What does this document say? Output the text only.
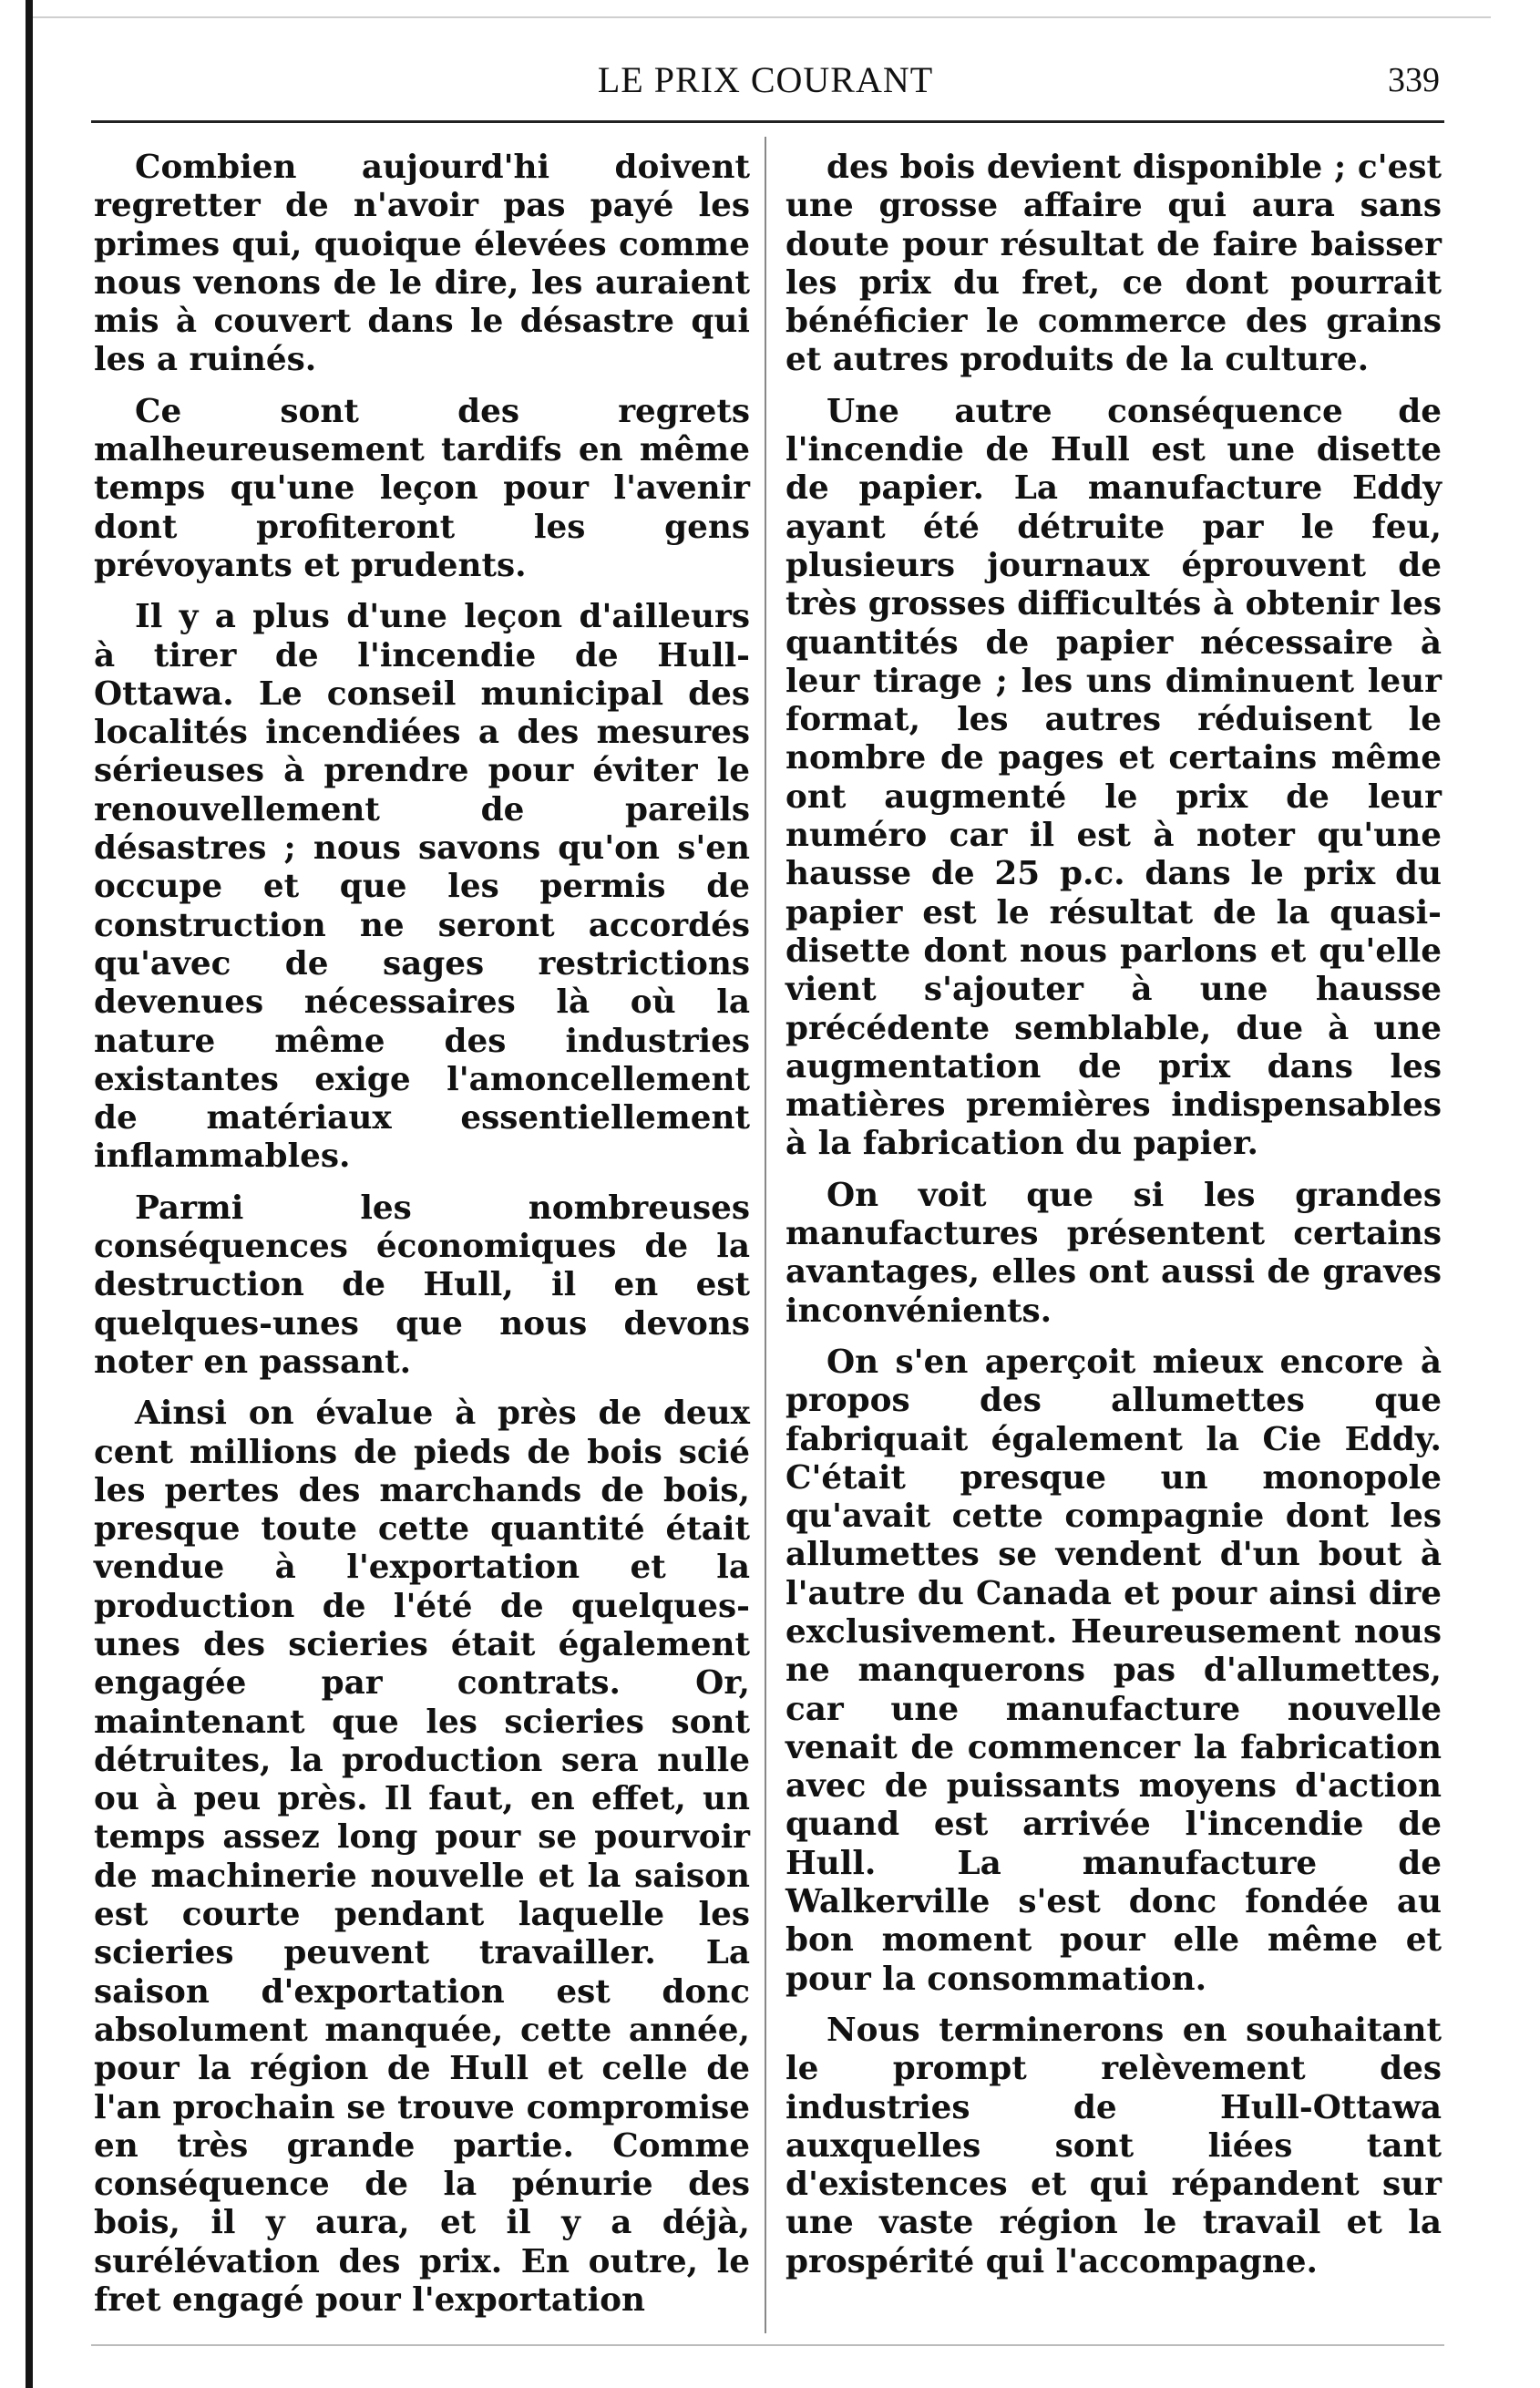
LE PRIX COURANT	339

Combien aujourd'hi doivent regretter de n'avoir pas payé les primes qui, quoique élevées comme nous venons de le dire, les auraient mis à couvert dans le désastre qui les a ruinés.

Ce sont des regrets malheureusement tardifs en même temps qu'une leçon pour l'avenir dont profiteront les gens prévoyants et prudents.

Il y a plus d'une leçon d'ailleurs à tirer de l'incendie de Hull-Ottawa. Le conseil municipal des localités incendiées a des mesures sérieuses à prendre pour éviter le renouvellement de pareils désastres ; nous savons qu'on s'en occupe et que les permis de construction ne seront accordés qu'avec de sages restrictions devenues nécessaires là où la nature même des industries existantes exige l'amoncellement de matériaux essentiellement inflammables.

Parmi les nombreuses conséquences économiques de la destruction de Hull, il en est quelques-unes que nous devons noter en passant.

Ainsi on évalue à près de deux cent millions de pieds de bois scié les pertes des marchands de bois, presque toute cette quantité était vendue à l'exportation et la production de l'été de quelques-unes des scieries était également engagée par contrats. Or, maintenant que les scieries sont détruites, la production sera nulle ou à peu près. Il faut, en effet, un temps assez long pour se pourvoir de machinerie nouvelle et la saison est courte pendant laquelle les scieries peuvent travailler. La saison d'exportation est donc absolument manquée, cette année, pour la région de Hull et celle de l'an prochain se trouve compromise en très grande partie. Comme conséquence de la pénurie des bois, il y aura, et il y a déjà, surélévation des prix. En outre, le fret engagé pour l'exportation

des bois devient disponible ; c'est une grosse affaire qui aura sans doute pour résultat de faire baisser les prix du fret, ce dont pourrait bénéficier le commerce des grains et autres produits de la culture.

Une autre conséquence de l'incendie de Hull est une disette de papier. La manufacture Eddy ayant été détruite par le feu, plusieurs journaux éprouvent de très grosses difficultés à obtenir les quantités de papier nécessaire à leur tirage ; les uns diminuent leur format, les autres réduisent le nombre de pages et certains même ont augmenté le prix de leur numéro car il est à noter qu'une hausse de 25 p.c. dans le prix du papier est le résultat de la quasi-disette dont nous parlons et qu'elle vient s'ajouter à une hausse précédente semblable, due à une augmentation de prix dans les matières premières indispensables à la fabrication du papier.

On voit que si les grandes manufactures présentent certains avantages, elles ont aussi de graves inconvénients.

On s'en aperçoit mieux encore à propos des allumettes que fabriquait également la Cie Eddy. C'était presque un monopole qu'avait cette compagnie dont les allumettes se vendent d'un bout à l'autre du Canada et pour ainsi dire exclusivement. Heureusement nous ne manquerons pas d'allumettes, car une manufacture nouvelle venait de commencer la fabrication avec de puissants moyens d'action quand est arrivée l'incendie de Hull. La manufacture de Walkerville s'est donc fondée au bon moment pour elle même et pour la consommation.

Nous terminerons en souhaitant le prompt relèvement des industries de Hull-Ottawa auxquelles sont liées tant d'existences et qui répandent sur une vaste région le travail et la prospérité qui l'accompagne.
